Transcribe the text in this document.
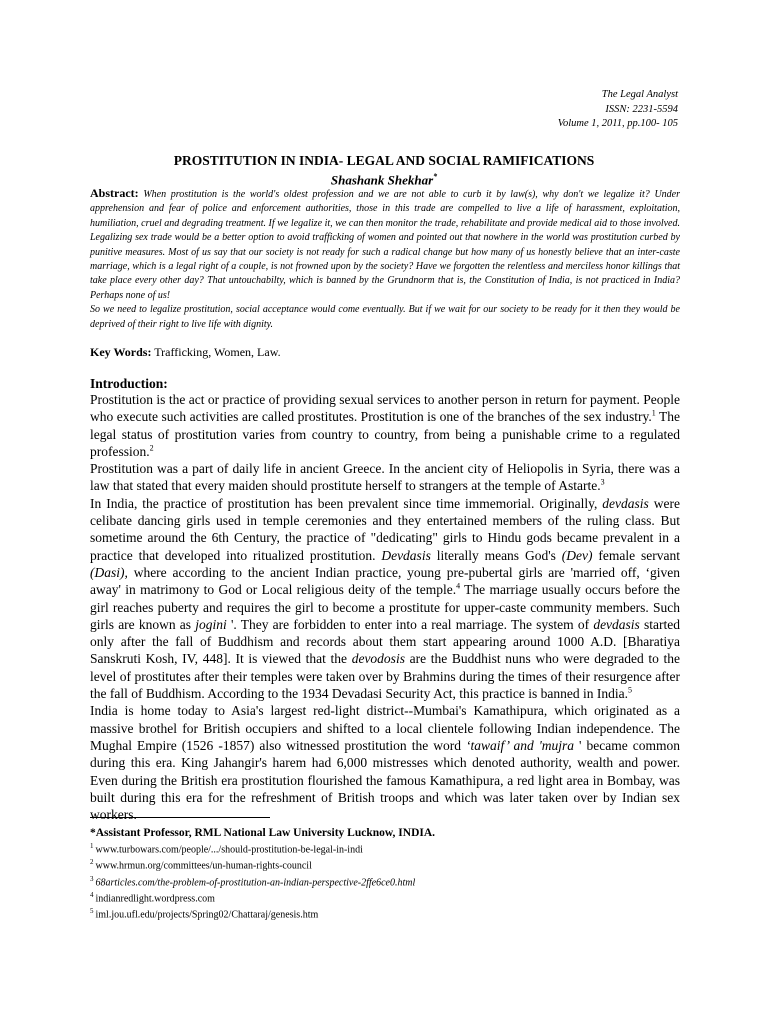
The Legal Analyst
ISSN: 2231-5594
Volume 1, 2011, pp.100- 105
PROSTITUTION IN INDIA- LEGAL AND SOCIAL RAMIFICATIONS
Shashank Shekhar*

Abstract: When prostitution is the world's oldest profession and we are not able to curb it by law(s), why don't we legalize it? Under apprehension and fear of police and enforcement authorities, those in this trade are compelled to live a life of harassment, exploitation, humiliation, cruel and degrading treatment. If we legalize it, we can then monitor the trade, rehabilitate and provide medical aid to those involved. Legalizing sex trade would be a better option to avoid trafficking of women and pointed out that nowhere in the world was prostitution curbed by punitive measures. Most of us say that our society is not ready for such a radical change but how many of us honestly believe that an inter-caste marriage, which is a legal right of a couple, is not frowned upon by the society? Have we forgotten the relentless and merciless honor killings that take place every other day? That untouchabilty, which is banned by the Grundnorm that is, the Constitution of India, is not practiced in India? Perhaps none of us!

So we need to legalize prostitution, social acceptance would come eventually. But if we wait for our society to be ready for it then they would be deprived of their right to live life with dignity.

Key Words: Trafficking, Women, Law.
Introduction:

Prostitution is the act or practice of providing sexual services to another person in return for payment. People who execute such activities are called prostitutes. Prostitution is one of the branches of the sex industry.$^1$ The legal status of prostitution varies from country to country, from being a punishable crime to a regulated profession.$^2$

Prostitution was a part of daily life in ancient Greece. In the ancient city of Heliopolis in Syria, there was a law that stated that every maiden should prostitute herself to strangers at the temple of Astarte.$^3$

In India, the practice of prostitution has been prevalent since time immemorial. Originally, devdasis were celibate dancing girls used in temple ceremonies and they entertained members of the ruling class. But sometime around the 6th Century, the practice of "dedicating" girls to Hindu gods became prevalent in a practice that developed into ritualized prostitution. Devdasis literally means God's (Dev) female servant (Dasi), where according to the ancient Indian practice, young pre-pubertal girls are 'married off, ‘given away' in matrimony to God or Local religious deity of the temple.$^4$ The marriage usually occurs before the girl reaches puberty and requires the girl to become a prostitute for upper-caste community members. Such girls are known as jogini '. They are forbidden to enter into a real marriage. The system of devdasis started only after the fall of Buddhism and records about them start appearing around 1000 A.D. [Bharatiya Sanskruti Kosh, IV, 448]. It is viewed that the devodosis are the Buddhist nuns who were degraded to the level of prostitutes after their temples were taken over by Brahmins during the times of their resurgence after the fall of Buddhism. According to the 1934 Devadasi Security Act, this practice is banned in India.$^5$

India is home today to Asia's largest red-light district--Mumbai's Kamathipura, which originated as a massive brothel for British occupiers and shifted to a local clientele following Indian independence. The Mughal Empire (1526 -1857) also witnessed prostitution the word ‘tawaif’ and 'mujra ' became common during this era. King Jahangir's harem had 6,000 mistresses which denoted authority, wealth and power. Even during the British era prostitution flourished the famous Kamathipura, a red light area in Bombay, was built during this era for the refreshment of British troops and which was later taken over by Indian sex workers.

*Assistant Professor, RML National Law University Lucknow, INDIA.
$^1$ www.turbowars.com/people/.../should-prostitution-be-legal-in-indi
$^2$ www.hrmun.org/committees/un-human-rights-council
$^3$ 68articles.com/the-problem-of-prostitution-an-indian-perspective-2ffe6ce0.html
$^4$ indianredlight.wordpress.com
$^5$ iml.jou.ufl.edu/projects/Spring02/Chattaraj/genesis.htm
